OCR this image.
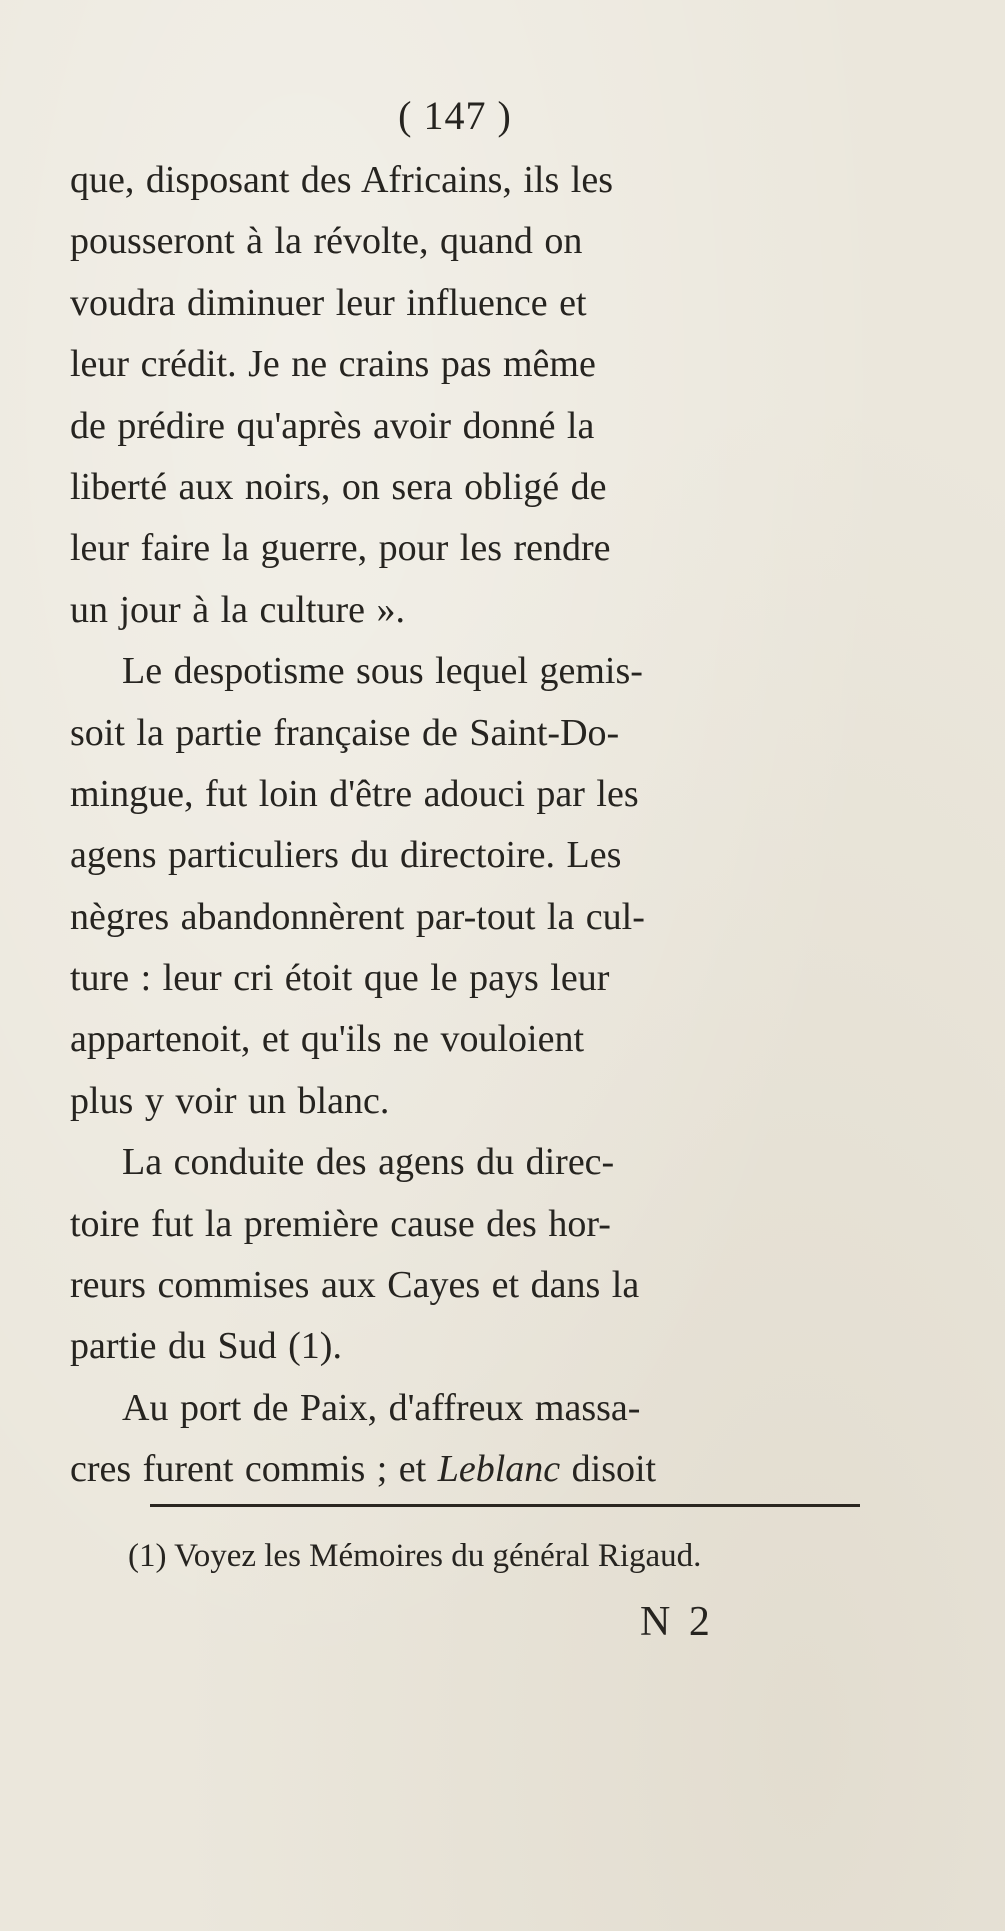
( 147 )
que, disposant des Africains, ils les
pousseront à la révolte, quand on
voudra diminuer leur influence et
leur crédit. Je ne crains pas même
de prédire qu'après avoir donné la
liberté aux noirs, on sera obligé de
leur faire la guerre, pour les rendre
un jour à la culture ».
Le despotisme sous lequel gemis-
soit la partie française de Saint-Do-
mingue, fut loin d'être adouci par les
agens particuliers du directoire. Les
nègres abandonnèrent par-tout la cul-
ture : leur cri étoit que le pays leur
appartenoit, et qu'ils ne vouloient
plus y voir un blanc.
La conduite des agens du direc-
toire fut la première cause des hor-
reurs commises aux Cayes et dans la
partie du Sud (1).
Au port de Paix, d'affreux massa-
cres furent commis ; et Leblanc disoit
(1) Voyez les Mémoires du général Rigaud.
N 2
